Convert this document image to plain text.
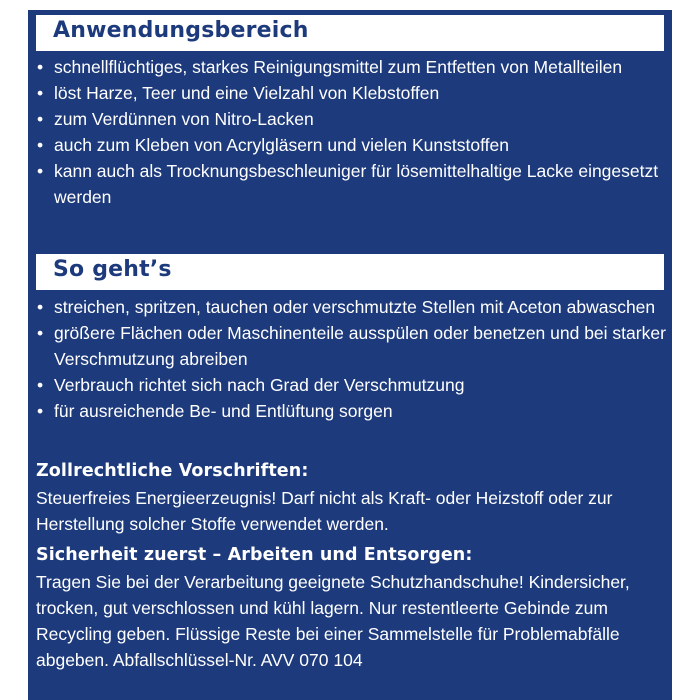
Anwendungsbereich
• schnellflüchtiges, starkes Reinigungsmittel zum Entfetten von Metallteilen
• löst Harze, Teer und eine Vielzahl von Klebstoffen
• zum Verdünnen von Nitro-Lacken
• auch zum Kleben von Acrylgläsern und vielen Kunststoffen
• kann auch als Trocknungsbeschleuniger für lösemittelhaltige Lacke eingesetzt werden
So geht’s
• streichen, spritzen, tauchen oder verschmutzte Stellen mit Aceton abwaschen
• größere Flächen oder Maschinenteile ausspülen oder benetzen und bei starker Verschmutzung abreiben
• Verbrauch richtet sich nach Grad der Verschmutzung
• für ausreichende Be- und Entlüftung sorgen
Zollrechtliche Vorschriften:

Steuerfreies Energieerzeugnis! Darf nicht als Kraft- oder Heizstoff oder zur Herstellung solcher Stoffe verwendet werden.

Sicherheit zuerst – Arbeiten und Entsorgen:

Tragen Sie bei der Verarbeitung geeignete Schutzhandschuhe! Kindersicher, trocken, gut verschlossen und kühl lagern. Nur restentleerte Gebinde zum Recycling geben. Flüssige Reste bei einer Sammelstelle für Problemabfälle abgeben. Abfallschlüssel-Nr. AVV 070 104
